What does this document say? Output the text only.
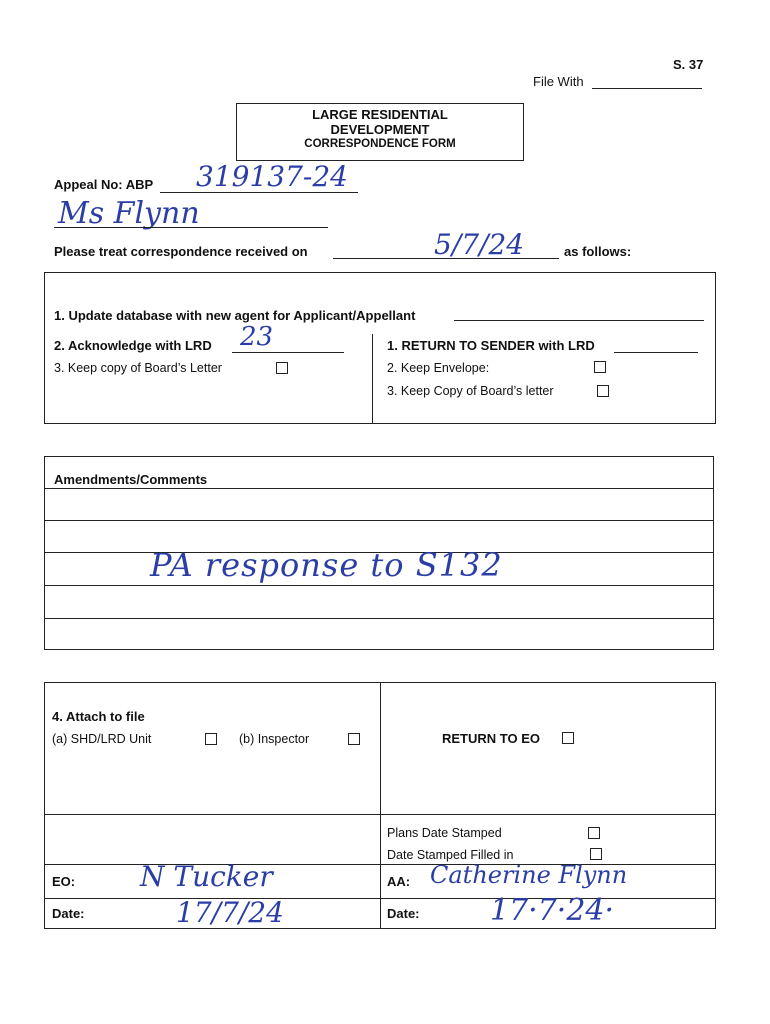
S. 37
File With
LARGE RESIDENTIAL
DEVELOPMENT
CORRESPONDENCE FORM
Appeal No: ABP 319137-24
Ms Flynn
Please treat correspondence received on	5/7/24	as follows:
1. Update database with new agent for Applicant/Appellant
2. Acknowledge with LRD 23
3. Keep copy of Board’s Letter
1. RETURN TO SENDER with LRD
2. Keep Envelope:
3. Keep Copy of Board’s letter
Amendments/Comments
PA response to S132
4. Attach to file
(a) SHD/LRD Unit	(b) Inspector	RETURN TO EO
Plans Date Stamped
Date Stamped Filled in
EO: N Tucker	AA: Catherine Flynn
Date:	17/7/24	Date: 17·7·24·
